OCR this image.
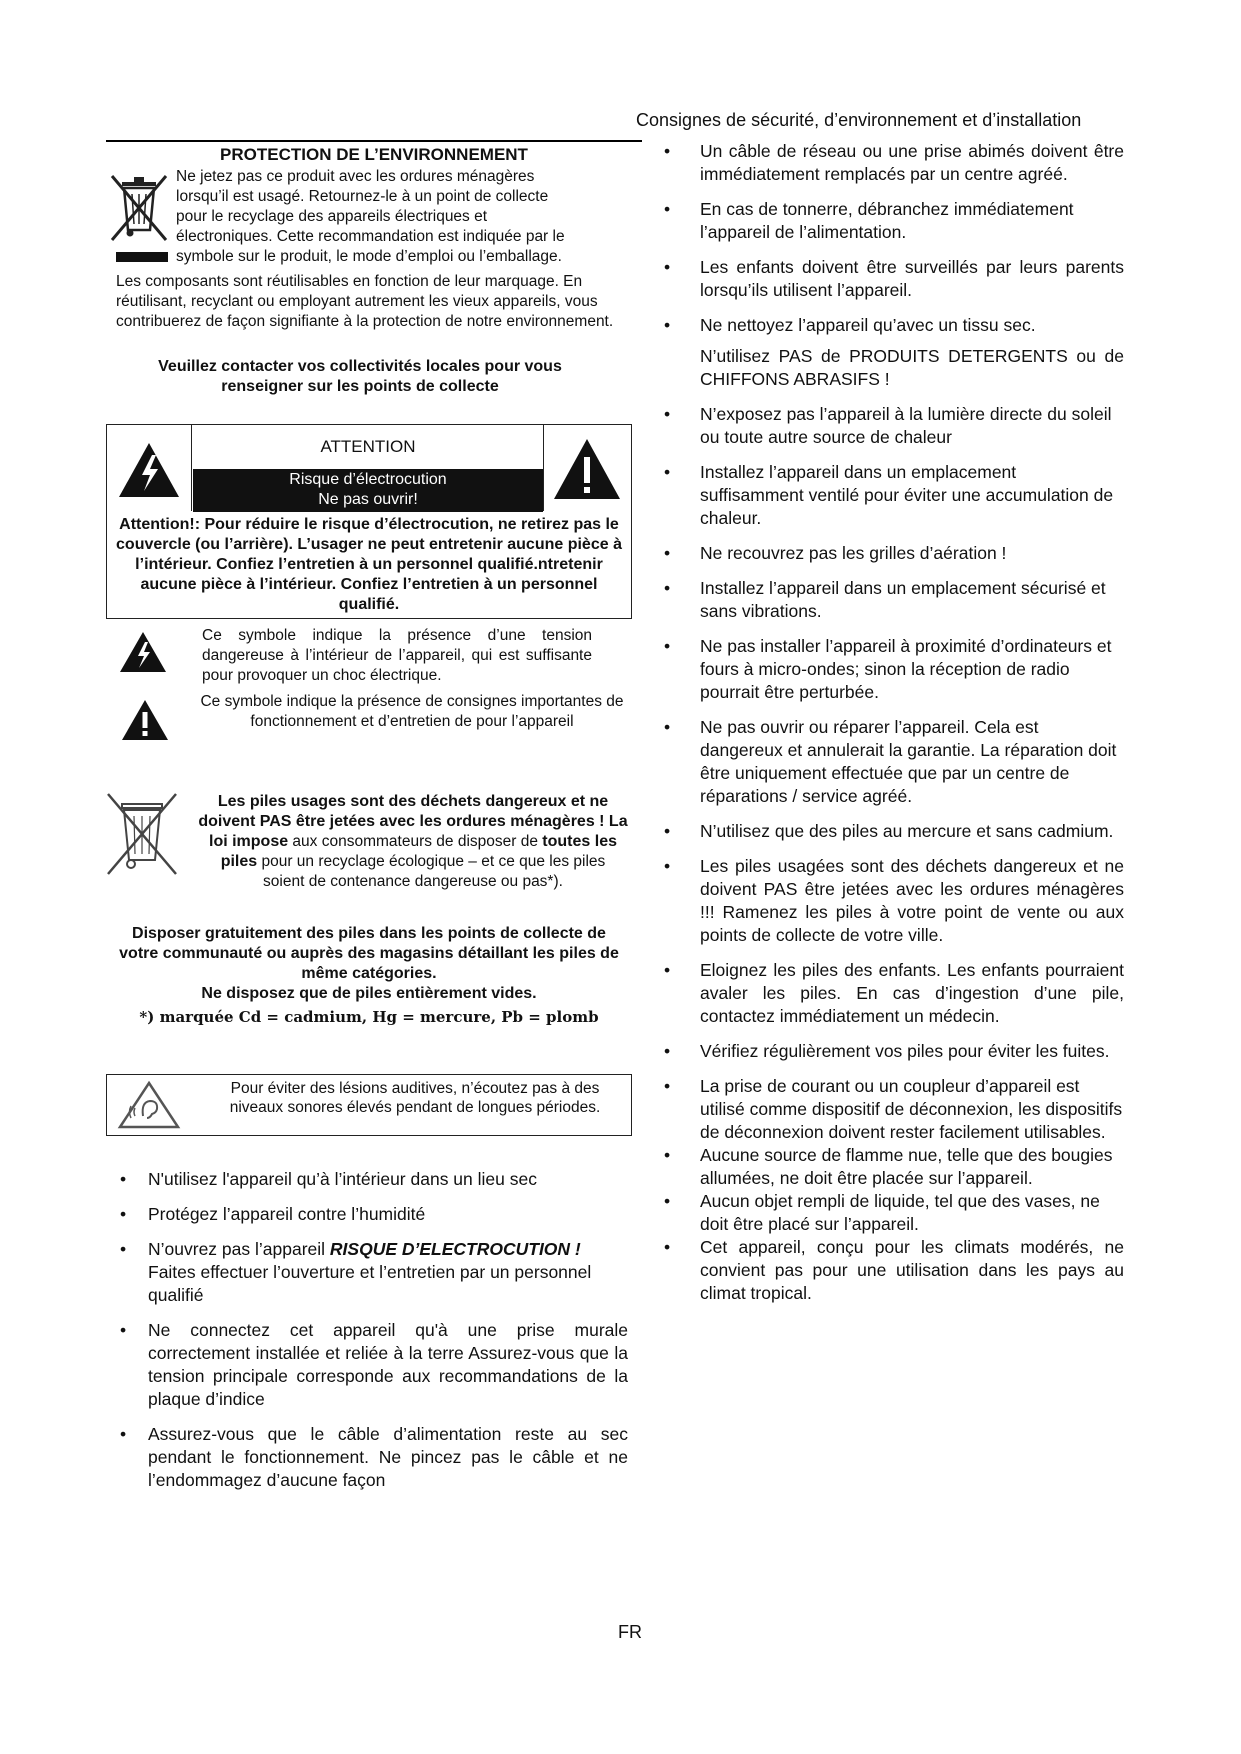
Consignes de sécurité, d’environnement et d’installation
PROTECTION DE L’ENVIRONNEMENT
Ne jetez pas ce produit avec les ordures ménagères
lorsqu’il est usagé. Retournez-le à un point de collecte
pour le recyclage des appareils électriques et
électroniques. Cette recommandation est indiquée par le
symbole sur le produit, le mode d’emploi ou l’emballage.
Les composants sont réutilisables en fonction de leur marquage. En réutilisant, recyclant ou employant autrement les vieux appareils, vous contribuerez de façon signifiante à la protection de notre environnement.
Veuillez contacter vos collectivités locales pour vous renseigner sur les points de collecte
ATTENTION
Risque d’électrocution
Ne pas ouvrir!
Attention!: Pour réduire le risque d’électrocution, ne retirez pas le couvercle (ou l’arrière). L’usager ne peut entretenir aucune pièce à l’intérieur. Confiez l’entretien à un personnel qualifié.ntretenir aucune pièce à l’intérieur. Confiez l’entretien à un personnel qualifié.
Ce symbole indique la présence d’une tension dangereuse à l’intérieur de l’appareil, qui est suffisante pour provoquer un choc électrique.
Ce symbole indique la présence de consignes importantes de fonctionnement et d’entretien de pour l’appareil
Les piles usages sont des déchets dangereux et ne doivent PAS être jetées avec les ordures ménagères ! La loi impose aux consommateurs de disposer de toutes les piles pour un recyclage écologique – et ce que les piles soient de contenance dangereuse ou pas*).
Disposer gratuitement des piles dans les points de collecte de votre communauté ou auprès des magasins détaillant les piles de même catégories.
Ne disposez que de piles entièrement vides.
*) marquée Cd = cadmium, Hg = mercure, Pb = plomb
Pour éviter des lésions auditives, n’écoutez pas à des niveaux sonores élevés pendant de longues périodes.
• N'utilisez l'appareil qu’à l’intérieur dans un lieu sec
• Protégez l’appareil contre l’humidité
• N’ouvrez pas l’appareil RISQUE D’ELECTROCUTION ! Faites effectuer l’ouverture et l’entretien par un personnel qualifié
• Ne connectez cet appareil qu'à une prise murale correctement installée et reliée à la terre Assurez-vous que la tension principale corresponde aux recommandations de la plaque d’indice
• Assurez-vous que le câble d’alimentation reste au sec pendant le fonctionnement. Ne pincez pas le câble et ne l’endommagez d’aucune façon
• Un câble de réseau ou une prise abimés doivent être immédiatement remplacés par un centre agréé.
• En cas de tonnerre, débranchez immédiatement l’appareil de l’alimentation.
• Les enfants doivent être surveillés par leurs parents lorsqu’ils utilisent l’appareil.
• Ne nettoyez l’appareil qu’avec un tissu sec.
N’utilisez PAS de PRODUITS DETERGENTS ou de CHIFFONS ABRASIFS !
• N’exposez pas l’appareil à la lumière directe du soleil ou toute autre source de chaleur
• Installez l’appareil dans un emplacement suffisamment ventilé pour éviter une accumulation de chaleur.
• Ne recouvrez pas les grilles d’aération !
• Installez l’appareil dans un emplacement sécurisé et sans vibrations.
• Ne pas installer l’appareil à proximité d’ordinateurs et fours à micro-ondes; sinon la réception de radio pourrait être perturbée.
• Ne pas ouvrir ou réparer l’appareil. Cela est dangereux et annulerait la garantie. La réparation doit être uniquement effectuée que par un centre de réparations / service agréé.
• N’utilisez que des piles au mercure et sans cadmium.
• Les piles usagées sont des déchets dangereux et ne doivent PAS être jetées avec les ordures ménagères !!! Ramenez les piles à votre point de vente ou aux points de collecte de votre ville.
• Eloignez les piles des enfants. Les enfants pourraient avaler les piles. En cas d’ingestion d’une pile, contactez immédiatement un médecin.
• Vérifiez régulièrement vos piles pour éviter les fuites.
• La prise de courant ou un coupleur d’appareil est utilisé comme dispositif de déconnexion, les dispositifs de déconnexion doivent rester facilement utilisables.
• Aucune source de flamme nue, telle que des bougies allumées, ne doit être placée sur l’appareil.
• Aucun objet rempli de liquide, tel que des vases, ne doit être placé sur l’appareil.
• Cet appareil, conçu pour les climats modérés, ne convient pas pour une utilisation dans les pays au climat tropical.
FR
